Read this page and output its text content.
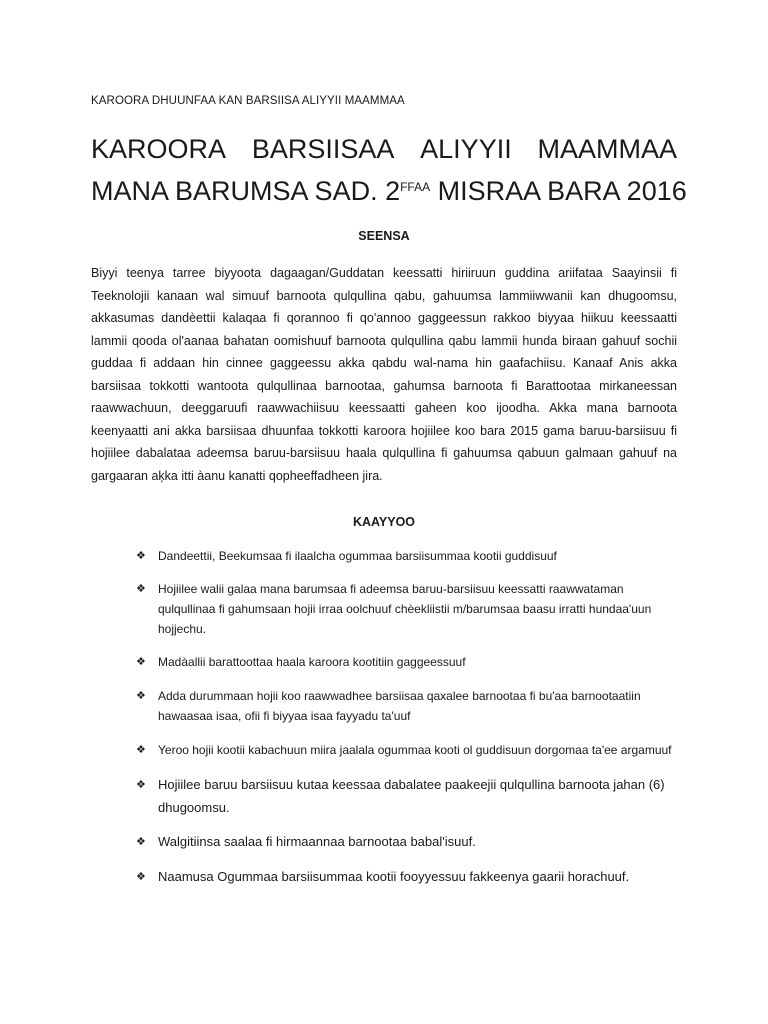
KAROORA DHUUNFAA KAN BARSIISA ALIYYII MAAMMAA
KAROORA BARSIISAA ALIYYII MAAMMAA
MANA BARUMSA SAD. $2^{FFAA}$ MISRAA BARA 2016
SEENSA

Biyyi teenya tarree biyyoota dagaagan/Guddatan keessatti hiriiruun guddina ariifataa Saayinsii fi Teeknolojii kanaan wal simuuf barnoota qulqullina qabu, gahuumsa lammiiwwanii kan dhugoomsu, akkasumas dandèettii kalaqaa fi qorannoo fi qo'annoo gaggeessun rakkoo biyyaa hiikuu keessaatti lammii qooda ol'aanaa bahatan oomishuuf barnoota qulqullina qabu lammii hunda biraan gahuuf sochii guddaa fi addaan hin cinnee gaggeessu akka qabdu wal-nama hin gaafachiisu. Kanaaf Anis akka barsiisaa tokkotti wantoota qulqullinaa barnootaa, gahumsa barnoota fi Barattootaa mirkaneessan raawwachuun, deeggaruufi raawwachiisuu keessaatti gaheen koo ijoodha. Akka mana barnoota keenyaatti ani akka barsiisaa dhuunfaa tokkotti karoora hojiilee koo bara 2015 gama baruu-barsiisuu fi hojiilee dabalataa adeemsa baruu-barsiisuu haala qulqullina fi gahuumsa qabuun galmaan gahuuf na gargaaran aķka itti àanu kanatti qopheeffadheen jira.

KAAYYOO
❖ Dandeettii, Beekumsaa fi ilaalcha ogummaa barsiisummaa kootii guddisuuf
❖ Hojiilee walii galaa mana barumsaa fi adeemsa baruu-barsiisuu keessatti raawwataman qulqullinaa fi gahumsaan hojii irraa oolchuuf chèekliistii m/barumsaa baasu irratti hundaa'uun hojjechu.
❖ Madàallii barattoottaa haala karoora kootitiin gaggeessuuf
❖ Adda durummaan hojii koo raawwadhee barsiisaa qaxalee barnootaa fi bu'aa barnootaatiin hawaasaa isaa, ofii fi biyyaa isaa fayyadu ta'uuf
❖ Yeroo hojii kootii kabachuun miira jaalala ogummaa kooti ol guddisuun dorgomaa ta'ee argamuuf
❖ Hojiilee baruu barsiisuu kutaa keessaa dabalatee paakeejii qulqullina barnoota jahan (6) dhugoomsu.
❖ Walgitiinsa saalaa fi hirmaannaa barnootaa babal'isuuf.
❖ Naamusa Ogummaa barsiisummaa kootii fooyyessuu fakkeenya gaarii horachuuf.
